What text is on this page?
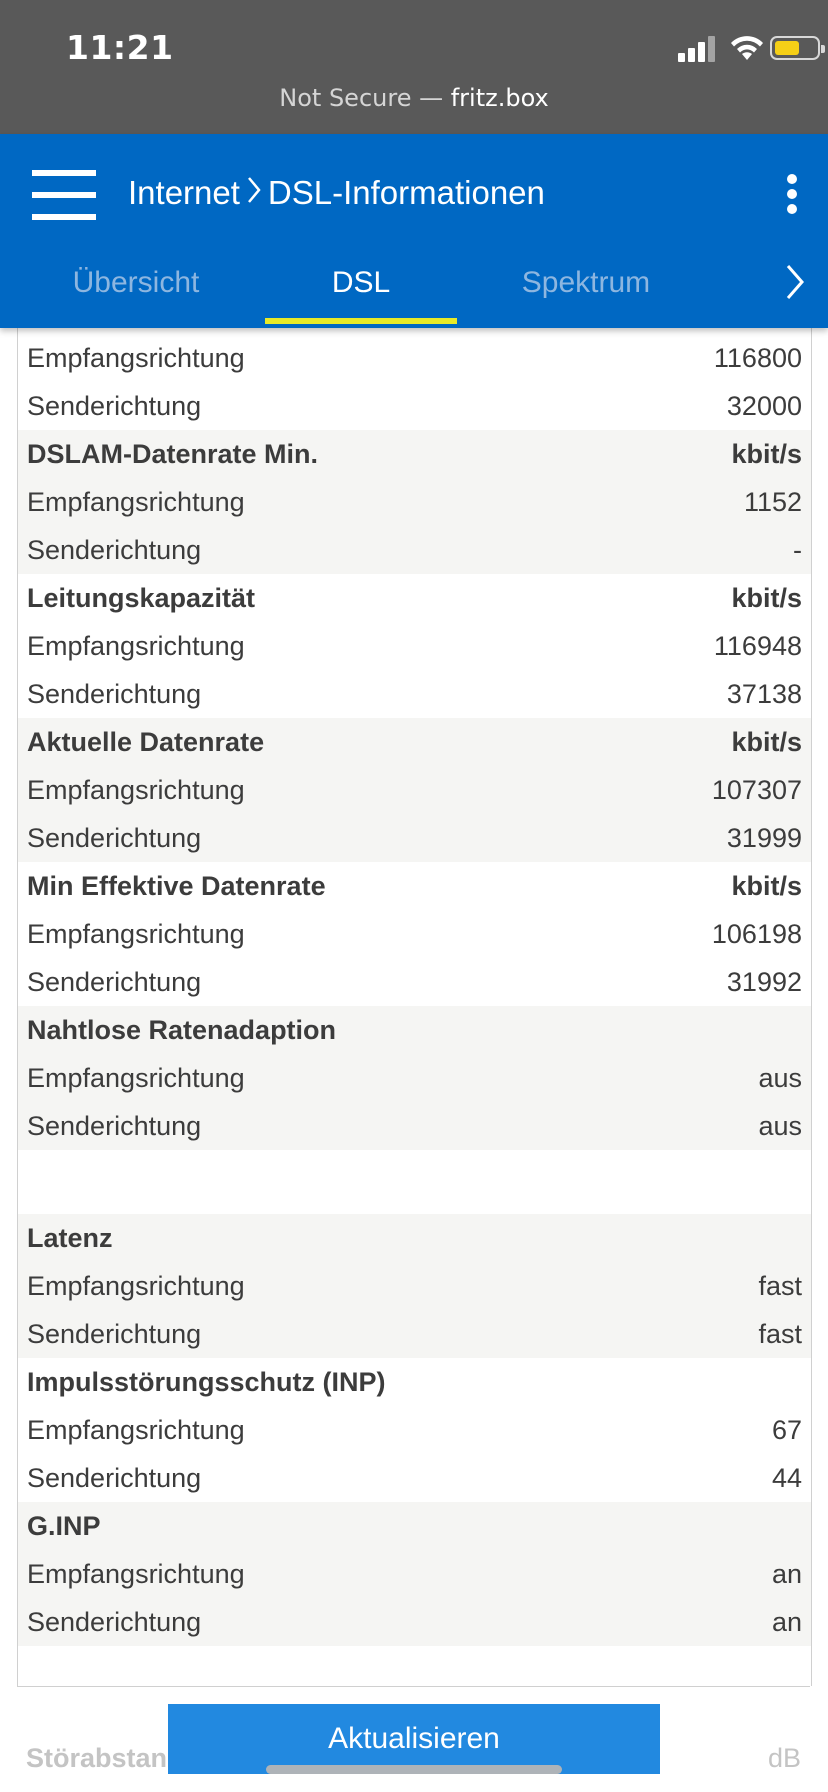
11:21
Not Secure — fritz.box
Internet DSL-Informationen
Übersicht	DSL	Spektrum
Empfangsrichtung	116800
Senderichtung	32000
DSLAM-Datenrate Min.	kbit/s
Empfangsrichtung	1152
Senderichtung	-
Leitungskapazität	kbit/s
Empfangsrichtung	116948
Senderichtung	37138
Aktuelle Datenrate	kbit/s
Empfangsrichtung	107307
Senderichtung	31999
Min Effektive Datenrate	kbit/s
Empfangsrichtung	106198
Senderichtung	31992
Nahtlose Ratenadaption
Empfangsrichtung	aus
Senderichtung	aus
Latenz
Empfangsrichtung	fast
Senderichtung	fast
Impulsstörungsschutz (INP)
Empfangsrichtung	67
Senderichtung	44
G.INP
Empfangsrichtung	an
Senderichtung	an
Störabstan	dB
Aktualisieren
